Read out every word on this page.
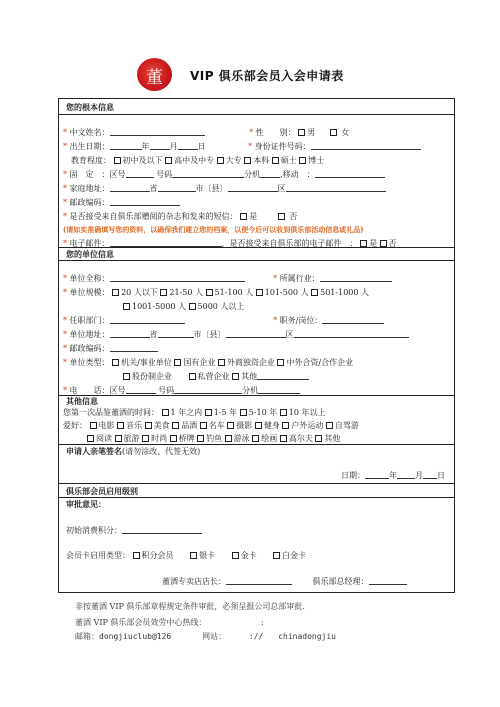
董 VIP 俱乐部会员入会申请表
您的根本信息
* 中文姓名：	* 性　　别： 男	女
* 出生日期：	年	月	日	* 身份证件号码：
教育程度： 初中及以下 高中及中专 大专 本科 硕士 博士
* 固　定　：区号	号码	分机	,移动　：
* 家庭地址：	省	市〔县〕	区
* 邮政编码：
* 是否接受来自俱乐部赠阅的杂志和发来的短信： 是	否
(请如实准确填写您的资料，以确保我们建立您的档案，以便今后可以收到俱乐部活动信息或礼品)
* 电子邮件：	，是否接受来自俱乐部的电子邮件　： 是 否
您的单位信息
* 单位全称：	* 所属行业：
* 单位规模： 20 人以下 21-50 人 51-100 人 101-500 人 501-1000 人
1001-5000 人 5000 人以上
* 任职部门：	* 职务/岗位：
* 单位地址：	省	市〔县〕	区
* 邮政编码：
* 单位类型： 机关/事业单位 国有企业 外商独资企业 中外合资/合作企业
股份制企业	私营企业 其他
* 电　　话：区号	号码	分机
其他信息
您第一次品鉴董酒的时间： 1 年之内 1-5 年 5-10 年 10 年以上
爱好： 电影 音乐 美食 品酒 名车 摄影 健身 户外运动 自驾游
阅读 旅游 时尚 桥牌 钓鱼 游泳 绘画 高尔夫 其他
申请人亲笔签名(请勿涂改、代签无效)
日期：	年 月 日
俱乐部会员启用级别
审批意见：
初始消费积分：
会员卡启用类型： 积分会员	银卡	金卡	白金卡
董酒专卖店店长：	俱乐部总经理：
非按董酒 VIP 俱乐部章程规定条件审批，必须呈报公司总部审批.
董酒 VIP 俱乐部会员效劳中心热线：	:
邮箱：dongjiuclub@126	网站：	:// chinadongjiu
